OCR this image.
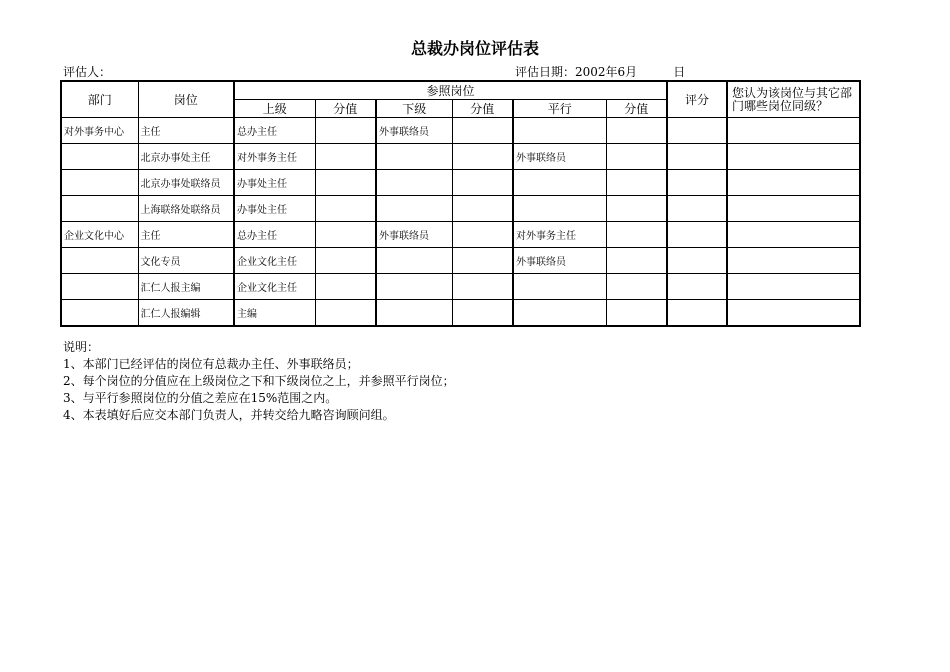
总裁办岗位评估表
评估人：	评估日期：2002年6月	日
部门	岗位	参照岗位						评分	您认为该岗位与其它部门哪些岗位同级？
		上级	分值	下级	分值	平行	分值		
对外事务中心	主任	总办主任		外事联络员					
	北京办事处主任	对外事务主任				外事联络员			
	北京办事处联络员	办事处主任							
	上海联络处联络员	办事处主任							
企业文化中心	主任	总办主任		外事联络员		对外事务主任			
	文化专员	企业文化主任				外事联络员			
	汇仁人报主编	企业文化主任							
	汇仁人报编辑	主编							
说明：
1、本部门已经评估的岗位有总裁办主任、外事联络员；
2、每个岗位的分值应在上级岗位之下和下级岗位之上，并参照平行岗位；
3、与平行参照岗位的分值之差应在15%范围之内。
4、本表填好后应交本部门负责人，并转交给九略咨询顾问组。
